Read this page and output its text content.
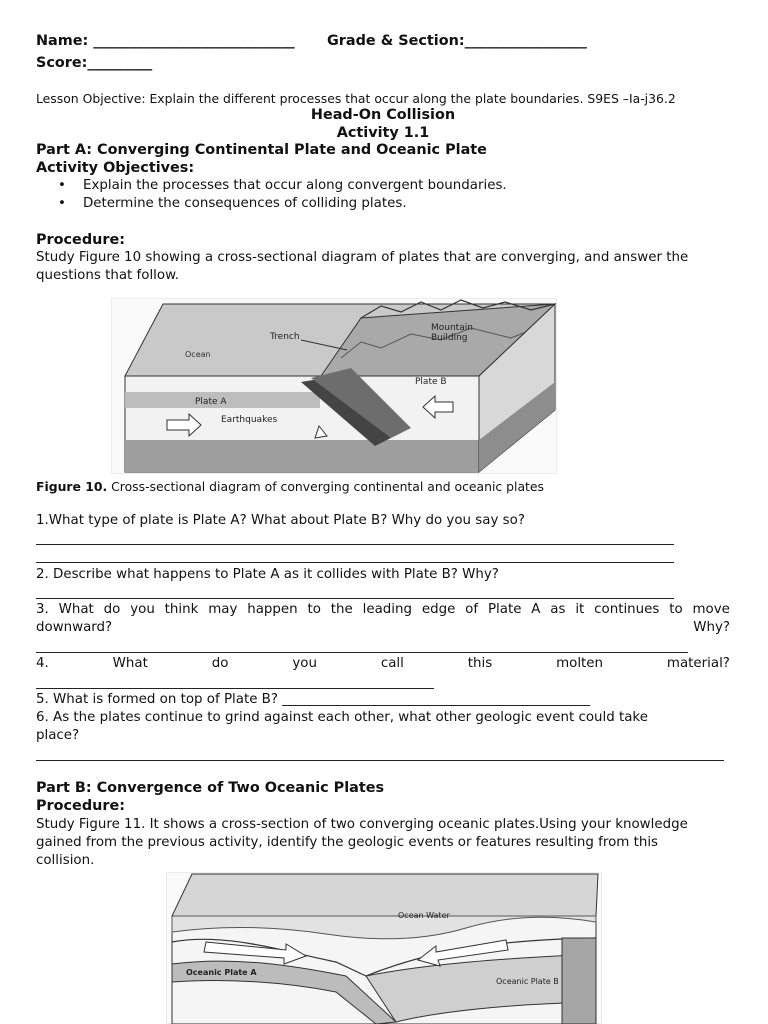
Name: ____________________________ Grade & Section:_________________
Score:_________
Lesson Objective: Explain the different processes that occur along the plate boundaries. S9ES –Ia-j36.2
Head-On Collision
Activity 1.1
Part A: Converging Continental Plate and Oceanic Plate
Activity Objectives:
• Explain the processes that occur along convergent boundaries.
• Determine the consequences of colliding plates.
Procedure:
Study Figure 10 showing a cross-sectional diagram of plates that are converging, and answer the
questions that follow.
Trench
Mountain
Building
Ocean
Plate B
Plate A
Earthquakes
Figure 10. Cross-sectional diagram of converging continental and oceanic plates
1.What type of plate is Plate A? What about Plate B? Why do you say so?
2. Describe what happens to Plate A as it collides with Plate B? Why?
3. What do you think may happen to the leading edge of Plate A as it continues to move
downward?	Why?
4.	What	do	you	call	this	molten	material?
5. What is formed on top of Plate B? ______________________________________________
6. As the plates continue to grind against each other, what other geologic event could take
place?
Part B: Convergence of Two Oceanic Plates
Procedure:
Study Figure 11. It shows a cross-section of two converging oceanic plates.Using your knowledge
gained from the previous activity, identify the geologic events or features resulting from this
collision.
Ocean Water
Oceanic Plate A
Oceanic Plate B
